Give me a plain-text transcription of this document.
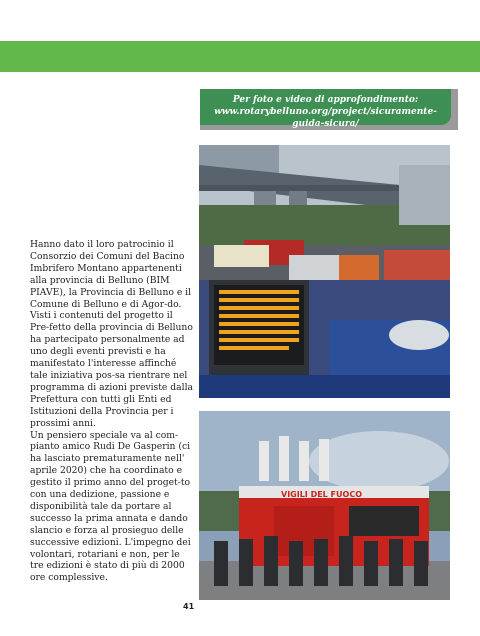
Per foto e video di approfondimento:
www.rotarybelluno.org/project/sicuramente-guida-sicura/
VIGILI DEL FUOCO

Hanno dato il loro patrocinio il Consorzio dei Comuni del Bacino Imbrifero Montano appartenenti alla provincia di Belluno (BIM PIAVE), la Provincia di Belluno e il Comune di Belluno e di Agor-do.

Visti i contenuti del progetto il Pre-fetto della provincia di Belluno ha partecipato personalmente ad uno degli eventi previsti e ha manifestato l'interesse affinché tale iniziativa pos-sa rientrare nel programma di azioni previste dalla Prefettura con tutti gli Enti ed Istituzioni della Provincia per i prossimi anni.

Un pensiero speciale va al com-pianto amico Rudi De Gasperin (ci ha lasciato prematuramente nell' aprile 2020) che ha coordinato e gestito il primo anno del proget-to con una dedizione, passione e disponibilità tale da portare al successo la prima annata e dando slancio e forza al prosieguo delle successive edizioni. L'impegno dei volontari, rotariani e non, per le tre edizioni è stato di più di 2000 ore complessive.

41
